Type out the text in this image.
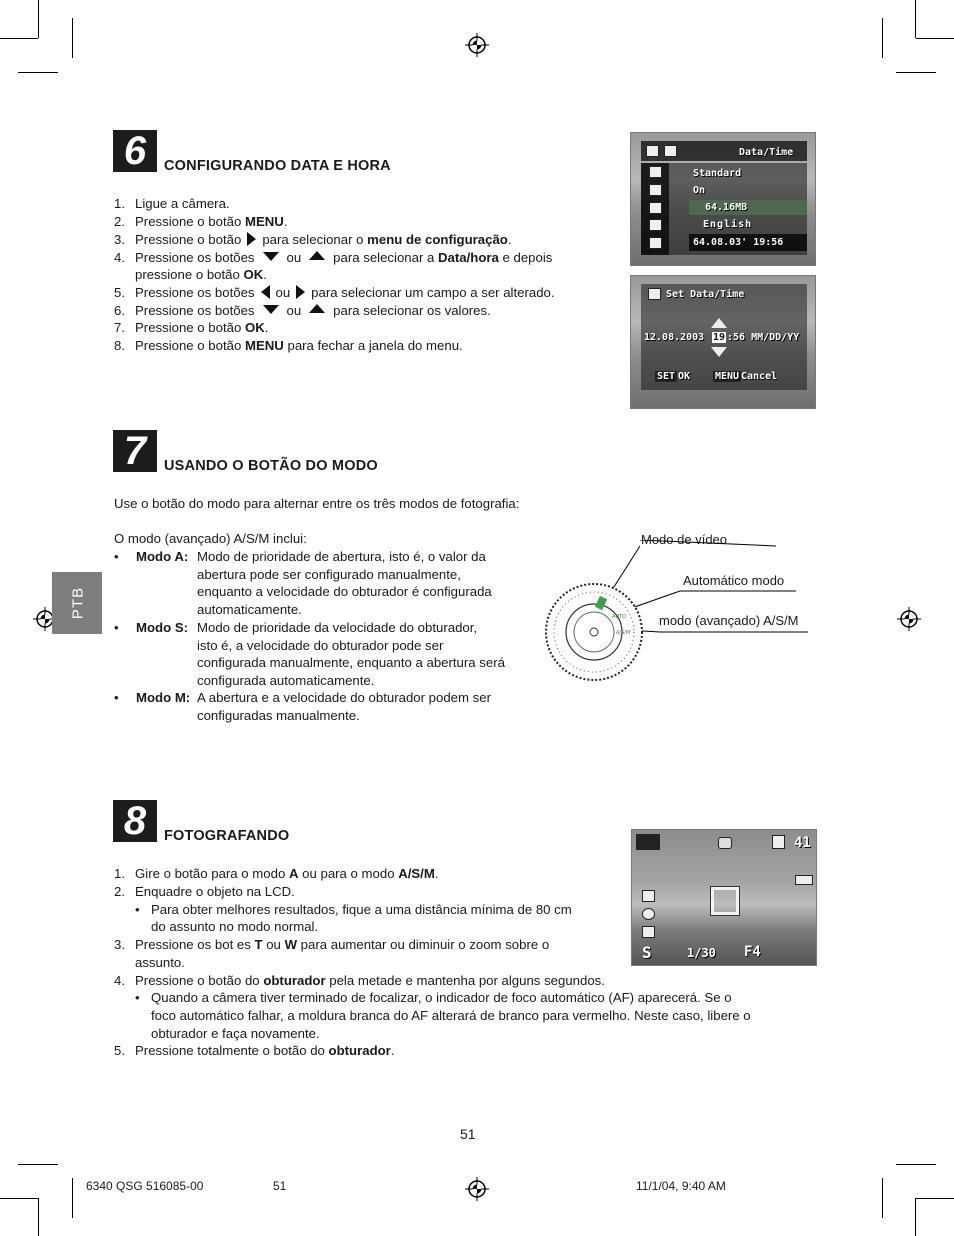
PTB
6	CONFIGURANDO DATA E HORA
1. Ligue a câmera.
2. Pressione o botão MENU.
3. Pressione o botão para selecionar o menu de configuração.
4. Pressione os botões ou para selecionar a Data/hora e depois
pressione o botão OK.
5. Pressione os botões ou para selecionar um campo a ser alterado.
6. Pressione os botões ou para selecionar os valores.
7. Pressione o botão OK.
8. Pressione o botão MENU para fechar a janela do menu.
Data/Time
Standard
On
64.16MB
English
64.08.03' 19:56
Set Data/Time
12.08.2003 19 :56 MM/DD/YY
SET OK MENU Cancel
7	USANDO O BOTÃO DO MODO
Use o botão do modo para alternar entre os três modos de fotografia:
O modo (avançado) A/S/M inclui:
• Modo A: Modo de prioridade de abertura, isto é, o valor da
abertura pode ser configurado manualmente,
enquanto a velocidade do obturador é configurada
automaticamente.
• Modo S: Modo de prioridade da velocidade do obturador,
isto é, a velocidade do obturador pode ser
configurada manualmente, enquanto a abertura será
configurada automaticamente.
• Modo M: A abertura e a velocidade do obturador podem ser
configuradas manualmente.
Modo de vídeo
Automático modo
modo (avançado) A/S/M
AUTO
A/S/M
8	FOTOGRAFANDO
1. Gire o botão para o modo A ou para o modo A/S/M.
2. Enquadre o objeto na LCD.
• Para obter melhores resultados, fique a uma distância mínima de 80 cm
do assunto no modo normal.
3. Pressione os bot es T ou W para aumentar ou diminuir o zoom sobre o
assunto.
4. Pressione o botão do obturador pela metade e mantenha por alguns segundos.
• Quando a câmera tiver terminado de focalizar, o indicador de foco automático (AF) aparecerá. Se o
foco automático falhar, a moldura branca do AF alterará de branco para vermelho. Neste caso, libere o
obturador e faça novamente.
5. Pressione totalmente o botão do obturador.
41
S	1/30 F4
51
6340 QSG 516085-00	51	11/1/04, 9:40 AM
